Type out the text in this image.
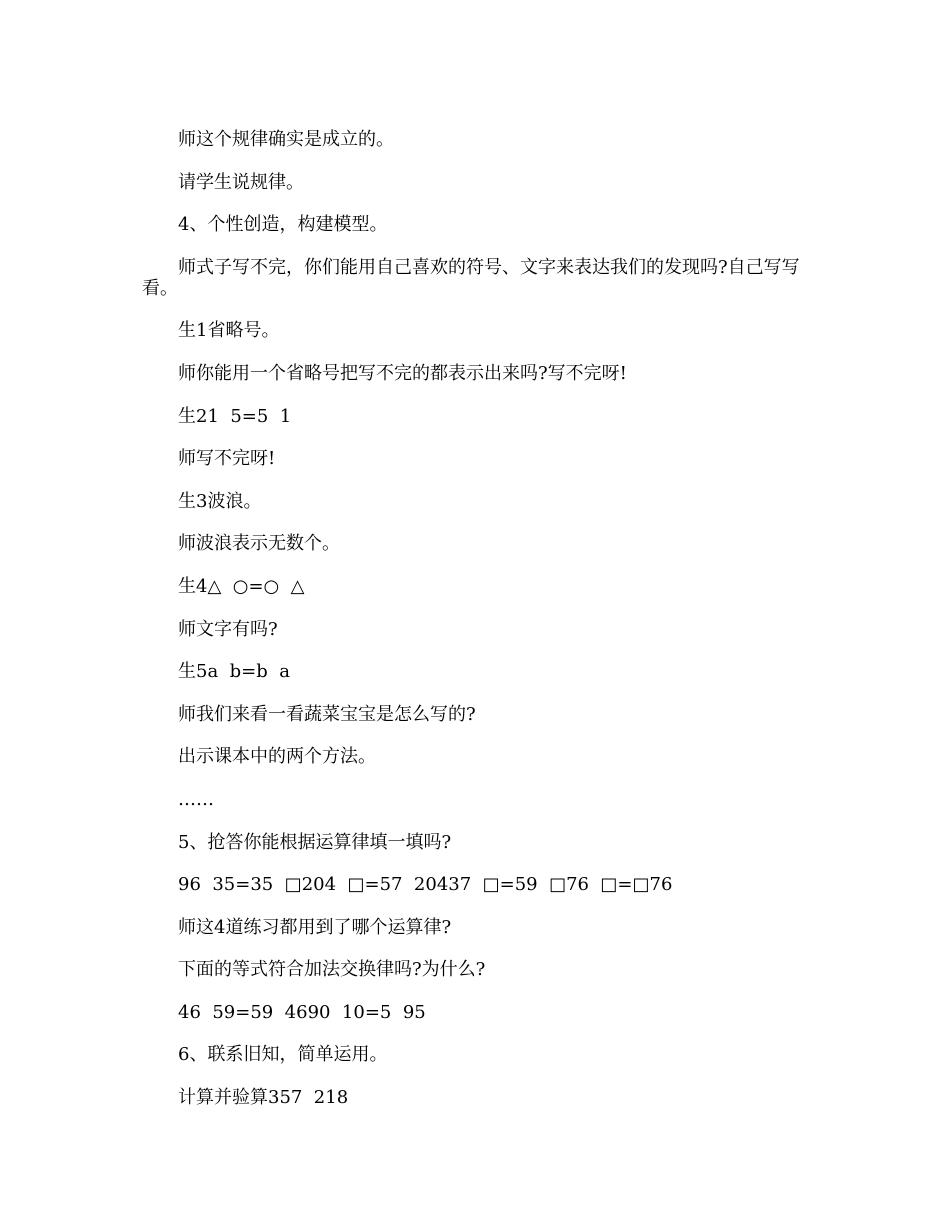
师这个规律确实是成立的。

请学生说规律。

4、个性创造，构建模型。

师式子写不完，你们能用自己喜欢的符号、文字来表达我们的发现吗?自己写写看。

生1省略号。

师你能用一个省略号把写不完的都表示出来吗?写不完呀!

生21  5=5  1

师写不完呀!

生3波浪。

师波浪表示无数个。

生4△  ○=○  △

师文字有吗?

生5a  b=b  a

师我们来看一看蔬菜宝宝是怎么写的?

出示课本中的两个方法。

……

5、抢答你能根据运算律填一填吗?

96  35=35  □204  □=57  20437  □=59  □76  □=□76

师这4道练习都用到了哪个运算律?

下面的等式符合加法交换律吗?为什么?

46  59=59  4690  10=5  95

6、联系旧知，简单运用。

计算并验算357  218
